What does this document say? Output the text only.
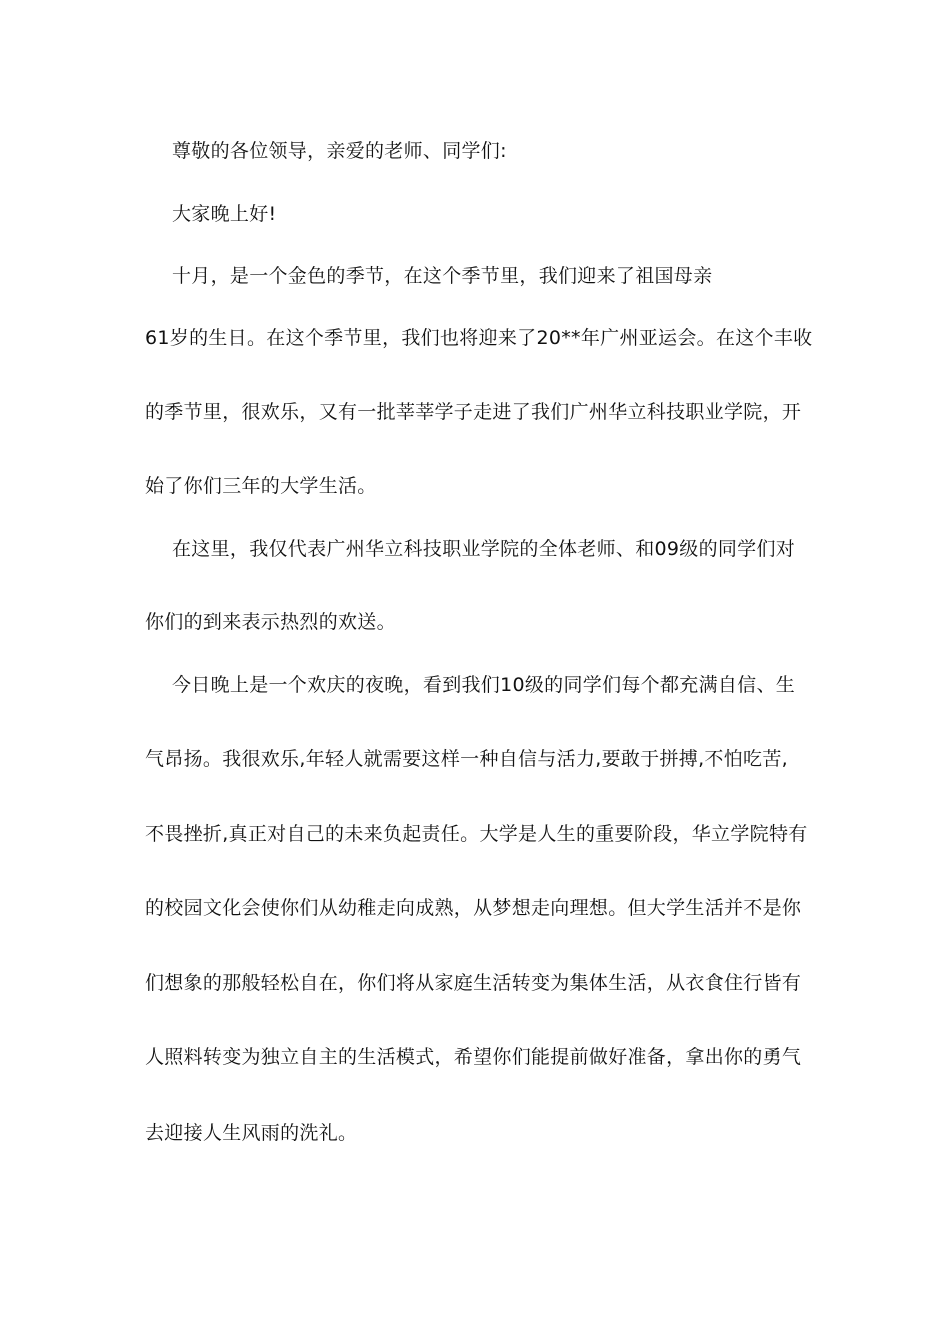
尊敬的各位领导，亲爱的老师、同学们:
大家晚上好!
十月，是一个金色的季节，在这个季节里，我们迎来了祖国母亲
61岁的生日。在这个季节里，我们也将迎来了20**年广州亚运会。在这个丰收
的季节里，很欢乐，又有一批莘莘学子走进了我们广州华立科技职业学院，开
始了你们三年的大学生活。
在这里，我仅代表广州华立科技职业学院的全体老师、和09级的同学们对
你们的到来表示热烈的欢送。
今日晚上是一个欢庆的夜晚，看到我们10级的同学们每个都充满自信、生
气昂扬。我很欢乐,年轻人就需要这样一种自信与活力,要敢于拼搏,不怕吃苦,
不畏挫折,真正对自己的未来负起责任。大学是人生的重要阶段，华立学院特有
的校园文化会使你们从幼稚走向成熟，从梦想走向理想。但大学生活并不是你
们想象的那般轻松自在，你们将从家庭生活转变为集体生活，从衣食住行皆有
人照料转变为独立自主的生活模式，希望你们能提前做好准备，拿出你的勇气
去迎接人生风雨的洗礼。
